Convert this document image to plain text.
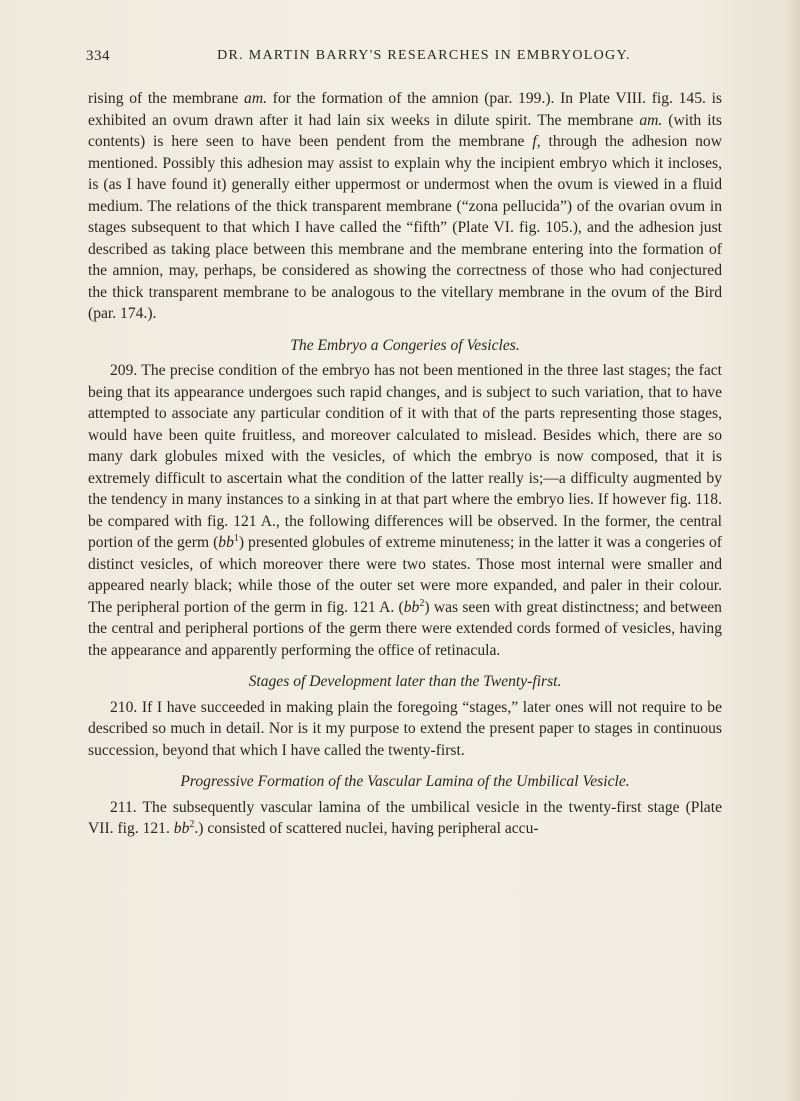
334	DR. MARTIN BARRY'S RESEARCHES IN EMBRYOLOGY.

rising of the membrane am. for the formation of the amnion (par. 199.). In Plate VIII. fig. 145. is exhibited an ovum drawn after it had lain six weeks in dilute spirit. The membrane am. (with its contents) is here seen to have been pendent from the membrane f, through the adhesion now mentioned. Possibly this adhesion may assist to explain why the incipient embryo which it incloses, is (as I have found it) generally either uppermost or undermost when the ovum is viewed in a fluid medium. The relations of the thick transparent membrane (“zona pellucida”) of the ovarian ovum in stages subsequent to that which I have called the “fifth” (Plate VI. fig. 105.), and the adhesion just described as taking place between this membrane and the membrane entering into the formation of the amnion, may, perhaps, be considered as showing the correctness of those who had conjectured the thick transparent membrane to be analogous to the vitellary membrane in the ovum of the Bird (par. 174.).

The Embryo a Congeries of Vesicles.

209. The precise condition of the embryo has not been mentioned in the three last stages; the fact being that its appearance undergoes such rapid changes, and is subject to such variation, that to have attempted to associate any particular condition of it with that of the parts representing those stages, would have been quite fruitless, and moreover calculated to mislead. Besides which, there are so many dark globules mixed with the vesicles, of which the embryo is now composed, that it is extremely difficult to ascertain what the condition of the latter really is;—a difficulty augmented by the tendency in many instances to a sinking in at that part where the embryo lies. If however fig. 118. be compared with fig. 121 A., the following differences will be observed. In the former, the central portion of the germ $(bb^1)$ presented globules of extreme minuteness; in the latter it was a congeries of distinct vesicles, of which moreover there were two states. Those most internal were smaller and appeared nearly black; while those of the outer set were more expanded, and paler in their colour. The peripheral portion of the germ in fig. 121 A. $(bb^2)$ was seen with great distinctness; and between the central and peripheral portions of the germ there were extended cords formed of vesicles, having the appearance and apparently performing the office of retinacula.

Stages of Development later than the Twenty-first.

210. If I have succeeded in making plain the foregoing “stages,” later ones will not require to be described so much in detail. Nor is it my purpose to extend the present paper to stages in continuous succession, beyond that which I have called the twenty-first.

Progressive Formation of the Vascular Lamina of the Umbilical Vesicle.

211. The subsequently vascular lamina of the umbilical vesicle in the twenty-first stage (Plate VII. fig. 121. $bb^2$.) consisted of scattered nuclei, having peripheral accu-
